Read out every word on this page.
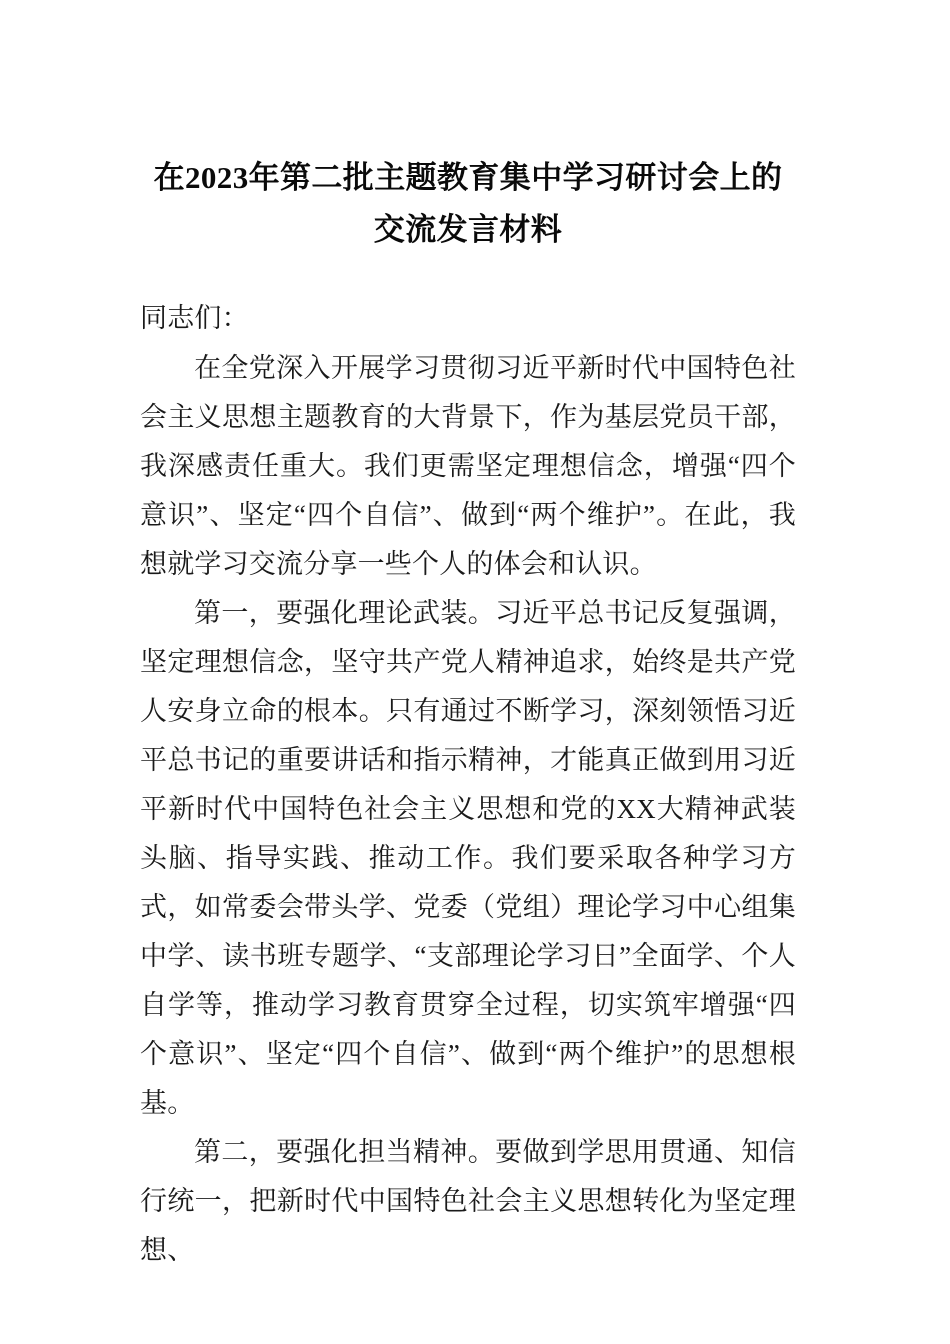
在2023年第二批主题教育集中学习研讨会上的交流发言材料

同志们：

在全党深入开展学习贯彻习近平新时代中国特色社会主义思想主题教育的大背景下，作为基层党员干部，我深感责任重大。我们更需坚定理想信念，增强“四个意识”、坚定“四个自信”、做到“两个维护”。在此，我想就学习交流分享一些个人的体会和认识。

第一，要强化理论武装。习近平总书记反复强调，坚定理想信念，坚守共产党人精神追求，始终是共产党人安身立命的根本。只有通过不断学习，深刻领悟习近平总书记的重要讲话和指示精神，才能真正做到用习近平新时代中国特色社会主义思想和党的XX大精神武装头脑、指导实践、推动工作。我们要采取各种学习方式，如常委会带头学、党委（党组）理论学习中心组集中学、读书班专题学、“支部理论学习日”全面学、个人自学等，推动学习教育贯穿全过程，切实筑牢增强“四个意识”、坚定“四个自信”、做到“两个维护”的思想根基。

第二，要强化担当精神。要做到学思用贯通、知信行统一，把新时代中国特色社会主义思想转化为坚定理想、
